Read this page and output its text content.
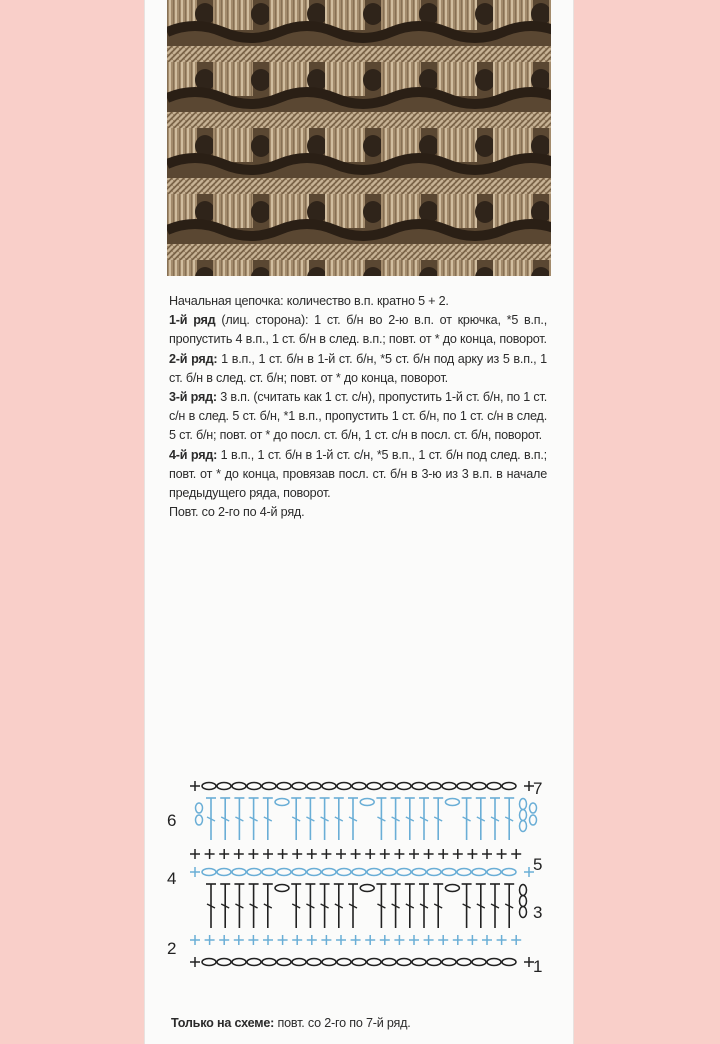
Начальная цепочка: количество в.п. кратно 5 + 2.

1-й ряд (лиц. сторона): 1 ст. б/н во 2-ю в.п. от крючка, *5 в.п., пропустить 4 в.п., 1 ст. б/н в след. в.п.; повт. от * до конца, поворот.

2-й ряд: 1 в.п., 1 ст. б/н в 1-й ст. б/н, *5 ст. б/н под арку из 5 в.п., 1 ст. б/н в след. ст. б/н; повт. от * до конца, поворот.

3-й ряд: 3 в.п. (считать как 1 ст. с/н), пропустить 1-й ст. б/н, по 1 ст. с/н в след. 5 ст. б/н, *1 в.п., пропустить 1 ст. б/н, по 1 ст. с/н в след. 5 ст. б/н; повт. от * до посл. ст. б/н, 1 ст. с/н в посл. ст. б/н, поворот.

4-й ряд: 1 в.п., 1 ст. б/н в 1-й ст. с/н, *5 в.п., 1 ст. б/н под след. в.п.; повт. от * до конца, провязав посл. ст. б/н в 3-ю из 3 в.п. в начале предыдущего ряда, поворот.

Повт. со 2-го по 4-й ряд.

7
6
5
4
3
2
1
Только на схеме: повт. со 2-го по 7-й ряд.
